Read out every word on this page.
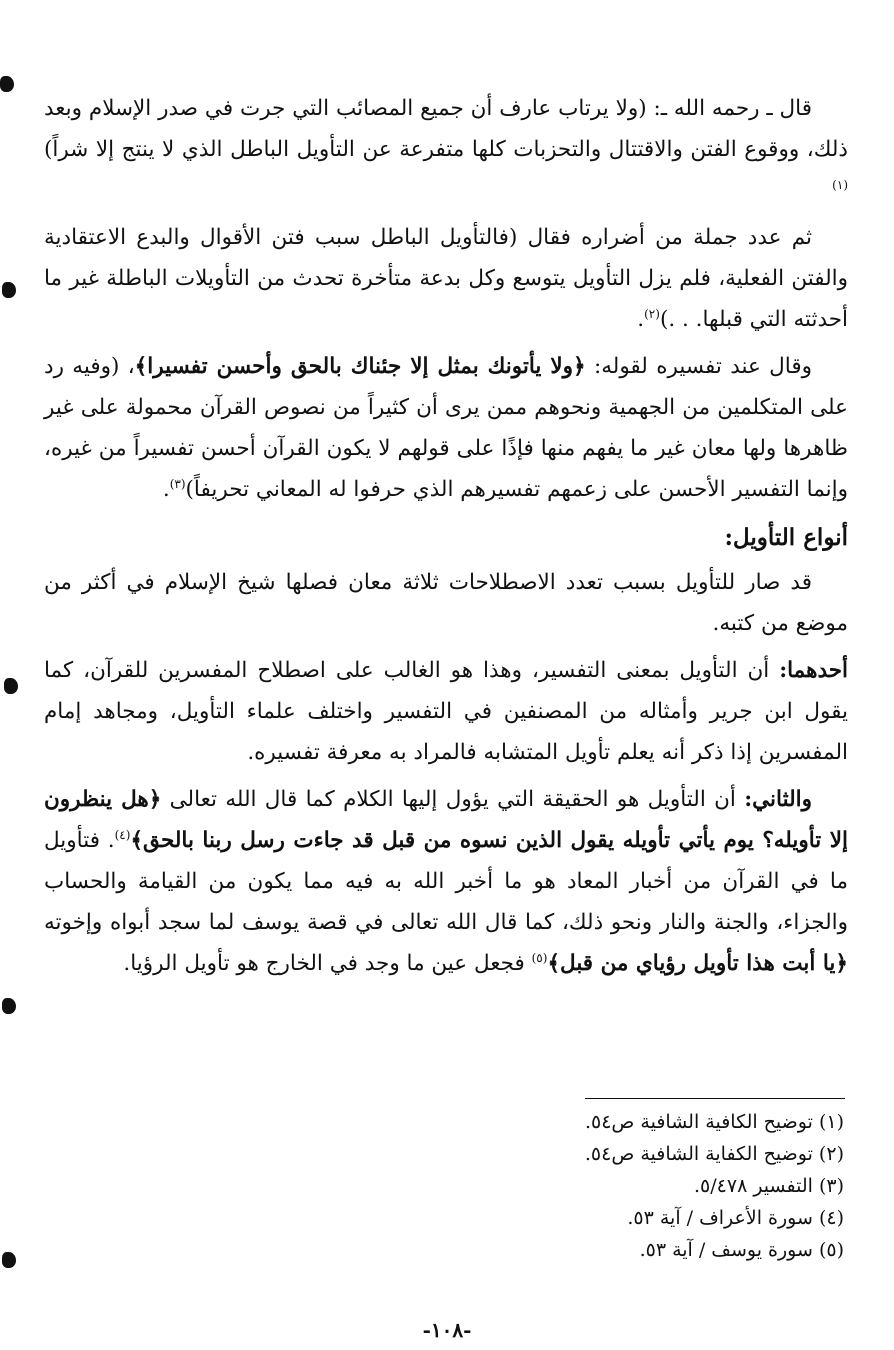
قال ـ رحمه الله ـ: (ولا يرتاب عارف أن جميع المصائب التي جرت في صدر الإسلام وبعد ذلك، ووقوع الفتن والاقتتال والتحزبات كلها متفرعة عن التأويل الباطل الذي لا ينتج إلا شراً)$^{(١)}$

ثم عدد جملة من أضراره فقال (فالتأويل الباطل سبب فتن الأقوال والبدع الاعتقادية والفتن الفعلية، فلم يزل التأويل يتوسع وكل بدعة متأخرة تحدث من التأويلات الباطلة غير ما أحدثته التي قبلها. . .)$^{(٢)}$.

وقال عند تفسيره لقوله: ﴿ولا يأتونك بمثل إلا جئناك بالحق وأحسن تفسيرا﴾، (وفيه رد على المتكلمين من الجهمية ونحوهم ممن يرى أن كثيراً من نصوص القرآن محمولة على غير ظاهرها ولها معان غير ما يفهم منها فإذًا على قولهم لا يكون القرآن أحسن تفسيراً من غيره، وإنما التفسير الأحسن على زعمهم تفسيرهم الذي حرفوا له المعاني تحريفاً)$^{(٣)}$.

أنواع التأويل:

قد صار للتأويل بسبب تعدد الاصطلاحات ثلاثة معان فصلها شيخ الإسلام في أكثر من موضع من كتبه.

أحدهما: أن التأويل بمعنى التفسير، وهذا هو الغالب على اصطلاح المفسرين للقرآن، كما يقول ابن جرير وأمثاله من المصنفين في التفسير واختلف علماء التأويل، ومجاهد إمام المفسرين إذا ذكر أنه يعلم تأويل المتشابه فالمراد به معرفة تفسيره.

والثاني: أن التأويل هو الحقيقة التي يؤول إليها الكلام كما قال الله تعالى ﴿هل ينظرون إلا تأويله؟ يوم يأتي تأويله يقول الذين نسوه من قبل قد جاءت رسل ربنا بالحق﴾$^{(٤)}$. فتأويل ما في القرآن من أخبار المعاد هو ما أخبر الله به فيه مما يكون من القيامة والحساب والجزاء، والجنة والنار ونحو ذلك، كما قال الله تعالى في قصة يوسف لما سجد أبواه وإخوته ﴿يا أبت هذا تأويل رؤياي من قبل﴾$^{(٥)}$ فجعل عين ما وجد في الخارج هو تأويل الرؤيا.

(١) توضيح الكافية الشافية ص٥٤.
(٢) توضيح الكفاية الشافية ص٥٤.
(٣) التفسير ٥/٤٧٨.
(٤) سورة الأعراف / آية ٥٣.
(٥) سورة يوسف / آية ٥٣.
-١٠٨-
